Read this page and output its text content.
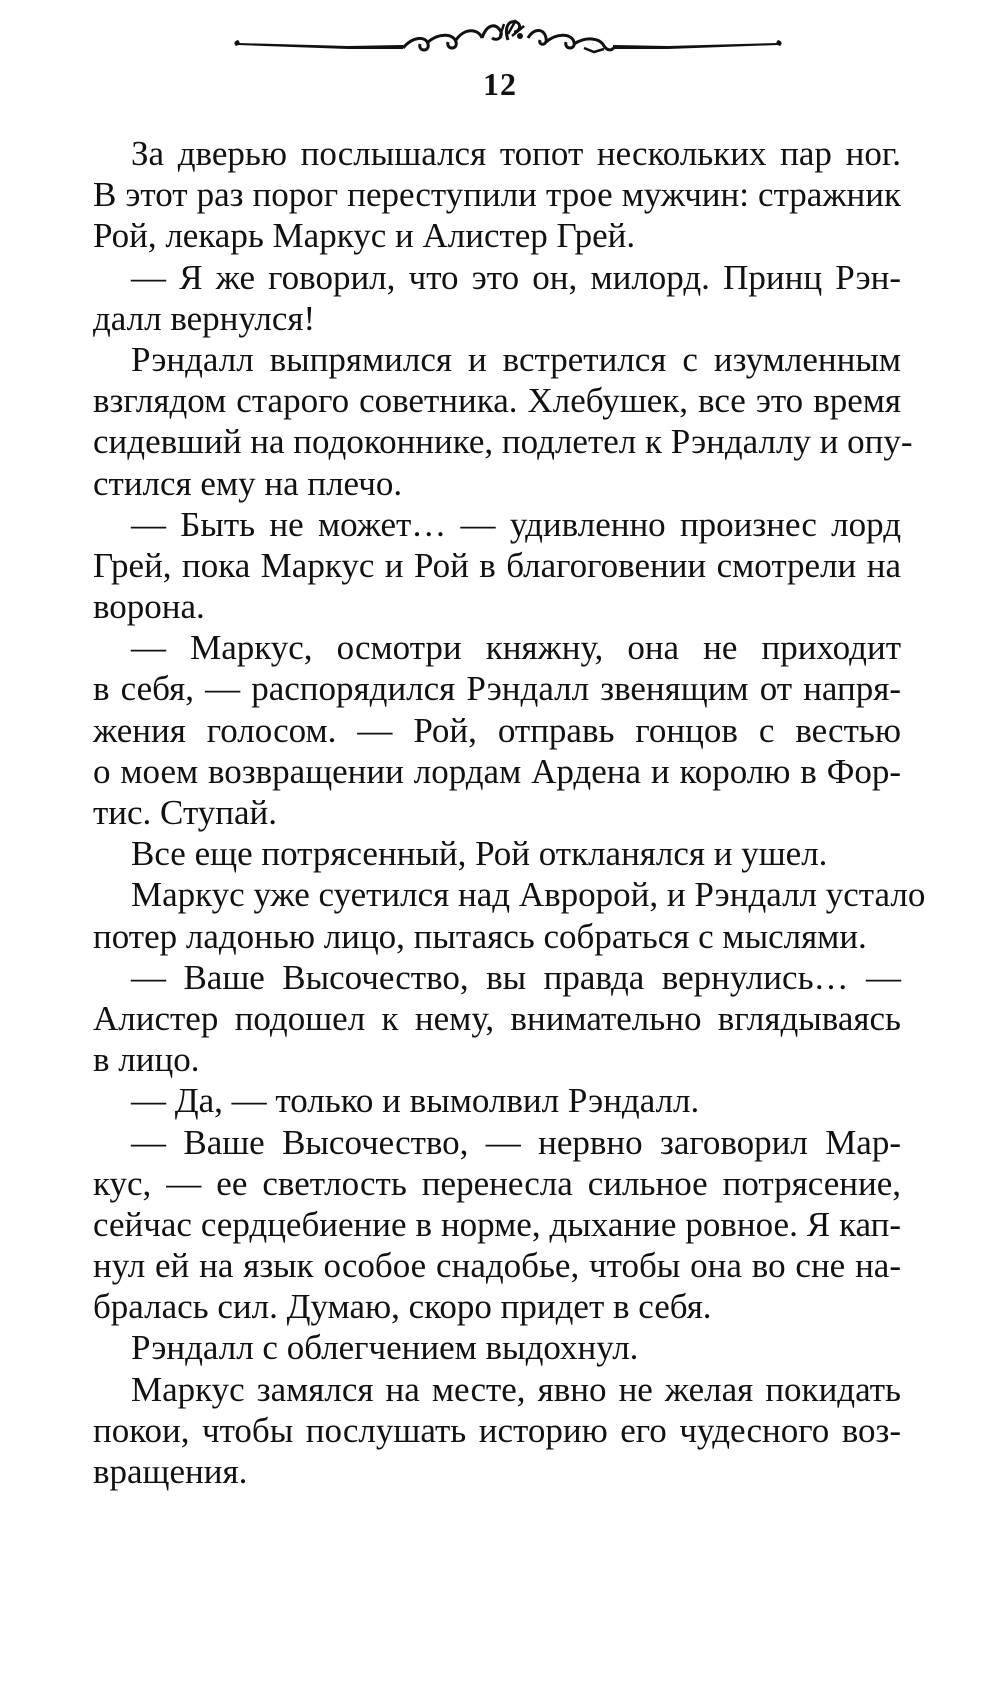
12
За дверью послышался топот нескольких пар ног.
В этот раз порог переступили трое мужчин: стражник
Рой, лекарь Маркус и Алистер Грей.
— Я же говорил, что это он, милорд. Принц Рэн-
далл вернулся!
Рэндалл выпрямился и встретился с изумленным
взглядом старого советника. Хлебушек, все это время
сидевший на подоконнике, подлетел к Рэндаллу и опу-
стился ему на плечо.
— Быть не может… — удивленно произнес лорд
Грей, пока Маркус и Рой в благоговении смотрели на
ворона.
— Маркус, осмотри княжну, она не приходит
в себя, — распорядился Рэндалл звенящим от напря-
жения голосом. — Рой, отправь гонцов с вестью
о моем возвращении лордам Ардена и королю в Фор-
тис. Ступай.
Все еще потрясенный, Рой откланялся и ушел.
Маркус уже суетился над Авророй, и Рэндалл устало
потер ладонью лицо, пытаясь собраться с мыслями.
— Ваше Высочество, вы правда вернулись… —
Алистер подошел к нему, внимательно вглядываясь
в лицо.
— Да, — только и вымолвил Рэндалл.
— Ваше Высочество, — нервно заговорил Мар-
кус, — ее светлость перенесла сильное потрясение,
сейчас сердцебиение в норме, дыхание ровное. Я кап-
нул ей на язык особое снадобье, чтобы она во сне на-
бралась сил. Думаю, скоро придет в себя.
Рэндалл с облегчением выдохнул.
Маркус замялся на месте, явно не желая покидать
покои, чтобы послушать историю его чудесного воз-
вращения.
